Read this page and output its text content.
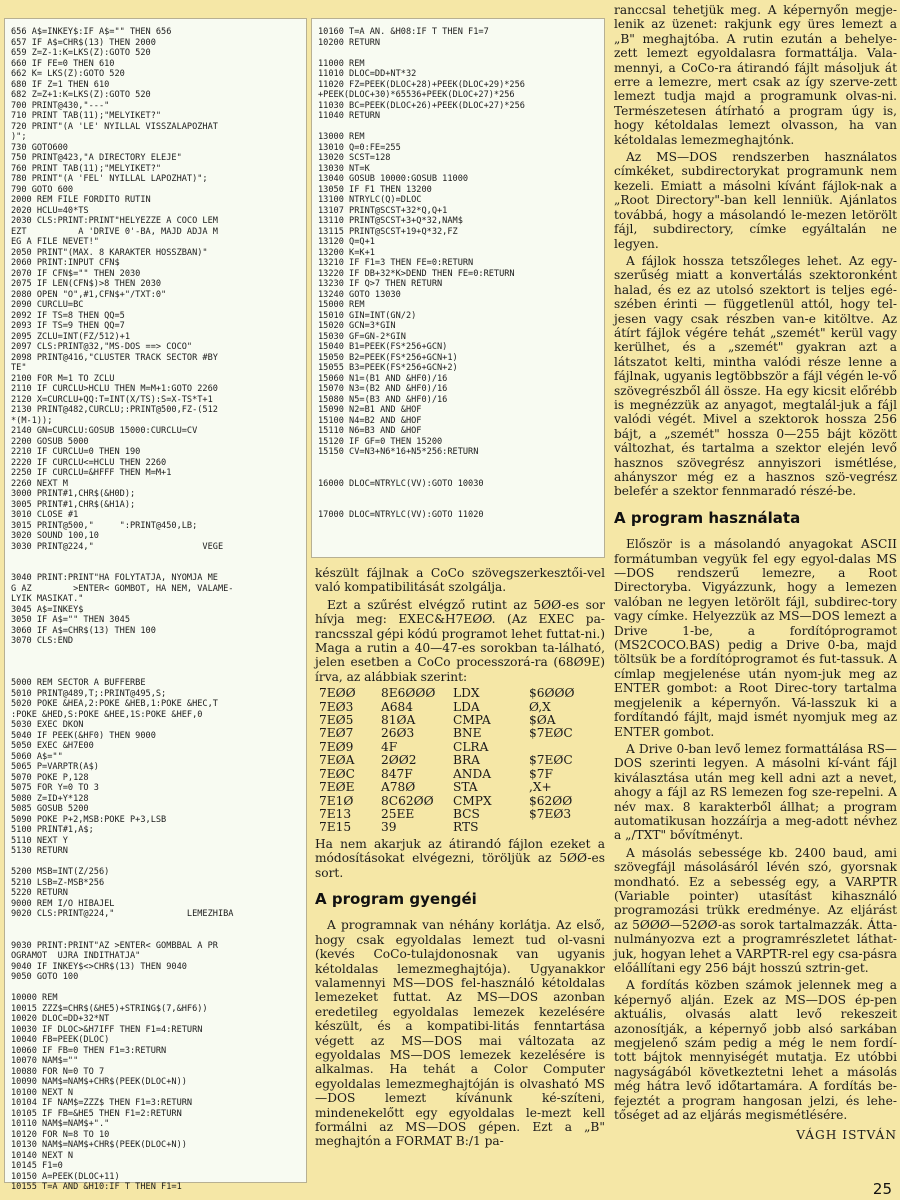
656 A$=INKEY$:IF A$="" THEN 656
657 IF A$=CHR$(13) THEN 2000
659 Z=Z-1:K=LKS(Z):GOTO 520
660 IF FE=0 THEN 610
662 K= LKS(Z):GOTO 520
680 IF Z=1 THEN 610
682 Z=Z+1:K=LKS(Z):GOTO 520
700 PRINT@430,"---"
710 PRINT TAB(11);"MELYIKET?"
720 PRINT"(A 'LE' NYILLAL VISSZALAPOZHAT
)";
730 GOTO600
750 PRINT@423,"A DIRECTORY ELEJE"
760 PRINT TAB(11);"MELYIKET?"
780 PRINT"(A 'FEL' NYILLAL LAPOZHAT)";
790 GOTO 600
2000 REM FILE FORDITO RUTIN
2020 HCLU=40*TS
2030 CLS:PRINT:PRINT"HELYEZZE A COCO LEM
EZT          A 'DRIVE 0'-BA, MAJD ADJA M
EG A FILE NEVET!"
2050 PRINT"(MAX. 8 KARAKTER HOSSZBAN)"
2060 PRINT:INPUT CFN$
2070 IF CFN$="" THEN 2030
2075 IF LEN(CFN$)>8 THEN 2030
2080 OPEN "O",#1,CFN$+"/TXT:0"
2090 CURCLU=BC
2092 IF TS=8 THEN QQ=5
2093 IF TS=9 THEN QQ=7
2095 ZCLU=INT(FZ/512)+1
2097 CLS:PRINT@32,"MS-DOS ==> COCO"
2098 PRINT@416,"CLUSTER TRACK SECTOR #BY
TE"
2100 FOR M=1 TO ZCLU
2110 IF CURCLU>HCLU THEN M=M+1:GOTO 2260
2120 X=CURCLU+QQ:T=INT(X/TS):S=X-TS*T+1
2130 PRINT@482,CURCLU;:PRINT@500,FZ-(512
*(M-1));
2140 GN=CURCLU:GOSUB 15000:CURCLU=CV
2200 GOSUB 5000
2210 IF CURCLU=0 THEN 190
2220 IF CURCLU<=HCLU THEN 2260
2250 IF CURCLU=&HFFF THEN M=M+1
2260 NEXT M
3000 PRINT#1,CHR$(&H0D);
3005 PRINT#1,CHR$(&H1A);
3010 CLOSE #1
3015 PRINT@500,"     ":PRINT@450,LB;
3020 SOUND 100,10
3030 PRINT@224,"                     VEGE

3040 PRINT:PRINT"HA FOLYTATJA, NYOMJA ME
G AZ        >ENTER< GOMBOT, HA NEM, VALAME-
LYIK MASIKAT."
3045 A$=INKEY$
3050 IF A$="" THEN 3045
3060 IF A$=CHR$(13) THEN 100
3070 CLS:END

5000 REM SECTOR A BUFFERBE
5010 PRINT@489,T;:PRINT@495,S;
5020 POKE &HEA,2:POKE &HEB,1:POKE &HEC,T
:POKE &HED,S:POKE &HEE,1S:POKE &HEF,0
5030 EXEC DKON
5040 IF PEEK(&HF0) THEN 9000
5050 EXEC &H7E00
5060 A$=""
5065 P=VARPTR(A$)
5070 POKE P,128
5075 FOR Y=0 TO 3
5080 Z=ID+Y*128
5085 GOSUB 5200
5090 POKE P+2,MSB:POKE P+3,LSB
5100 PRINT#1,A$;
5110 NEXT Y
5130 RETURN

5200 MSB=INT(Z/256)
5210 LSB=Z-MSB*256
5220 RETURN
9000 REM I/O HIBAJEL
9020 CLS:PRINT@224,"              LEMEZHIBA

9030 PRINT:PRINT"AZ >ENTER< GOMBBAL A PR
OGRAMOT  UJRA INDITHATJA"
9040 IF INKEY$<>CHR$(13) THEN 9040
9050 GOTO 100

10000 REM
10015 ZZZ$=CHR$(&HE5)+STRING$(7,&HF6))
10020 DLOC=DD+32*NT
10030 IF DLOC>&H7IFF THEN F1=4:RETURN
10040 FB=PEEK(DLOC)
10060 IF FB=0 THEN F1=3:RETURN
10070 NAM$=""
10080 FOR N=0 TO 7
10090 NAM$=NAM$+CHR$(PEEK(DLOC+N))
10100 NEXT N
10104 IF NAM$=ZZZ$ THEN F1=3:RETURN
10105 IF FB=&HE5 THEN F1=2:RETURN
10110 NAM$=NAM$+"."
10120 FOR N=8 TO 10
10130 NAM$=NAM$+CHR$(PEEK(DLOC+N))
10140 NEXT N
10145 F1=0
10150 A=PEEK(DLOC+11)
10155 T=A AND &H10:IF T THEN F1=1
10160 T=A AN. &H08:IF T THEN F1=7
10200 RETURN

11000 REM
11010 DLOC=DD+NT*32
11020 FZ=PEEK(DLOC+28)+PEEK(DLOC+29)*256
+PEEK(DLOC+30)*65536+PEEK(DLOC+27)*256
11030 BC=PEEK(DLOC+26)+PEEK(DLOC+27)*256
11040 RETURN

13000 REM
13010 Q=0:FE=255
13020 SCST=128
13030 NT=K
13040 GOSUB 10000:GOSUB 11000
13050 IF F1 THEN 13200
13100 NTRYLC(Q)=DLOC
13107 PRINT@SCST+32*Q,Q+1
13110 PRINT@SCST+3+Q*32,NAM$
13115 PRINT@SCST+19+Q*32,FZ
13120 Q=Q+1
13200 K=K+1
13210 IF F1=3 THEN FE=0:RETURN
13220 IF DB+32*K>DEND THEN FE=0:RETURN
13230 IF Q>7 THEN RETURN
13240 GOTO 13030
15000 REM
15010 GIN=INT(GN/2)
15020 GCN=3*GIN
15030 GF=GN-2*GIN
15040 B1=PEEK(FS*256+GCN)
15050 B2=PEEK(FS*256+GCN+1)
15055 B3=PEEK(FS*256+GCN+2)
15060 N1=(B1 AND &HF0)/16
15070 N3=(B2 AND &HF0)/16
15080 N5=(B3 AND &HF0)/16
15090 N2=B1 AND &HOF
15100 N4=B2 AND &HOF
15110 N6=B3 AND &HOF
15120 IF GF=0 THEN 15200
15150 CV=N3+N6*16+N5*256:RETURN

16000 DLOC=NTRYLC(VV):GOTO 10030

17000 DLOC=NTRYLC(VV):GOTO 11020

készült fájlnak a CoCo szövegszerkesztői-vel való kompatibilitását szolgálja.

Ezt a szűrést elvégző rutint az 5ØØ-es sor hívja meg: EXEC&H7EØØ. (Az EXEC pa-rancsszal gépi kódú programot lehet futtat-ni.) Maga a rutin a 40—47-es sorokban ta-lálható, jelen esetben a CoCo processzorá-ra (68Ø9E) írva, az alábbiak szerint:

7EØØ	8E6ØØØ	LDX	$6ØØØ
7EØ3	A684	LDA	Ø,X
7EØ5	81ØA	CMPA	$ØA
7EØ7	26Ø3	BNE	$7EØC
7EØ9	4F	CLRA	
7EØA	2ØØ2	BRA	$7EØC
7EØC	847F	ANDA	$7F
7EØE	A78Ø	STA	,X+
7E1Ø	8C62ØØ	CMPX	$62ØØ
7E13	25EE	BCS	$7EØ3
7E15	39	RTS	

Ha nem akarjuk az átirandó fájlon ezeket a módosításokat elvégezni, töröljük az 5ØØ-es sort.

A program gyengéi

A programnak van néhány korlátja. Az első, hogy csak egyoldalas lemezt tud ol-vasni (kevés CoCo-tulajdonosnak van ugyanis kétoldalas lemezmeghajtója). Ugyanakkor valamennyi MS—DOS fel-használó kétoldalas lemezeket futtat. Az MS—DOS azonban eredetileg egyoldalas lemezek kezelésére készült, és a kompatibi-litás fenntartása végett az MS—DOS mai változata az egyoldalas MS—DOS lemezek kezelésére is alkalmas. Ha tehát a Color Computer egyoldalas lemezmeghajtóján is olvasható MS—DOS lemezt kívánunk ké-szíteni, mindenekelőtt egy egyoldalas le-mezt kell formálni az MS—DOS gépen. Ezt a „B" meghajtón a FORMAT B:/1 pa-

ranccsal tehetjük meg. A képernyőn megje-lenik az üzenet: rakjunk egy üres lemezt a „B" meghajtóba. A rutin ezután a behelye-zett lemezt egyoldalasra formattálja. Vala-mennyi, a CoCo-ra átirandó fájlt másoljuk át erre a lemezre, mert csak az így szerve-zett lemezt tudja majd a programunk olvas-ni. Természetesen átírható a program úgy is, hogy kétoldalas lemezt olvasson, ha van kétoldalas lemezmeghajtónk.

Az MS—DOS rendszerben használatos címkéket, subdirectorykat programunk nem kezeli. Emiatt a másolni kívánt fájlok-nak a „Root Directory"-ban kell lenniük. Ajánlatos továbbá, hogy a másolandó le-mezen letörölt fájl, subdirectory, címke egyáltalán ne legyen.

A fájlok hossza tetszőleges lehet. Az egy-szerűség miatt a konvertálás szektoronként halad, és ez az utolsó szektort is teljes egé-szében érinti — függetlenül attól, hogy tel-jesen vagy csak részben van-e kitöltve. Az átírt fájlok végére tehát „szemét" kerül vagy kerülhet, és a „szemét" gyakran azt a látszatot kelti, mintha valódi része lenne a fájlnak, ugyanis legtöbbször a fájl végén le-vő szövegrészből áll össze. Ha egy kicsit előrébb is megnézzük az anyagot, megtalál-juk a fájl valódi végét. Mivel a szektorok hossza 256 bájt, a „szemét" hossza 0—255 bájt között változhat, és tartalma a szektor elején levő hasznos szövegrész annyiszori ismétlése, ahányszor még ez a hasznos szö-vegrész belefér a szektor fennmaradó részé-be.

A program használata

Először is a másolandó anyagokat ASCII formátumban vegyük fel egy egyol-dalas MS—DOS rendszerű lemezre, a Root Directoryba. Vigyázzunk, hogy a lemezen valóban ne legyen letörölt fájl, subdirec-tory vagy címke. Helyezzük az MS—DOS lemezt a Drive 1-be, a fordítóprogramot (MS2COCO.BAS) pedig a Drive 0-ba, majd töltsük be a fordítóprogramot és fut-tassuk. A címlap megjelenése után nyom-juk meg az ENTER gombot: a Root Direc-tory tartalma megjelenik a képernyőn. Vá-lasszuk ki a fordítandó fájlt, majd ismét nyomjuk meg az ENTER gombot.

A Drive 0-ban levő lemez formattálása RS—DOS szerinti legyen. A másolni kí-vánt fájl kiválasztása után meg kell adni azt a nevet, ahogy a fájl az RS lemezen fog sze-repelni. A név max. 8 karakterből állhat; a program automatikusan hozzáírja a meg-adott névhez a „/TXT" bővítményt.

A másolás sebessége kb. 2400 baud, ami szövegfájl másolásáról lévén szó, gyorsnak mondható. Ez a sebesség egy, a VARPTR (Variable pointer) utasítást kihasználó programozási trükk eredménye. Az eljárást az 5ØØØ—52ØØ-as sorok tartalmazzák. Átta-nulmányozva ezt a programrészletet láthat-juk, hogyan lehet a VARPTR-rel egy csa-pásra előállítani egy 256 bájt hosszú sztrin-get.

A fordítás közben számok jelennek meg a képernyő alján. Ezek az MS—DOS ép-pen aktuális, olvasás alatt levő rekeszeit azonosítják, a képernyő jobb alsó sarkában megjelenő szám pedig a még le nem fordí-tott bájtok mennyiségét mutatja. Ez utóbbi nagyságából következtetni lehet a másolás még hátra levő időtartamára. A fordítás be-fejeztét a program hangosan jelzi, és lehe-tőséget ad az eljárás megismétlésére.

VÁGH ISTVÁN
25
